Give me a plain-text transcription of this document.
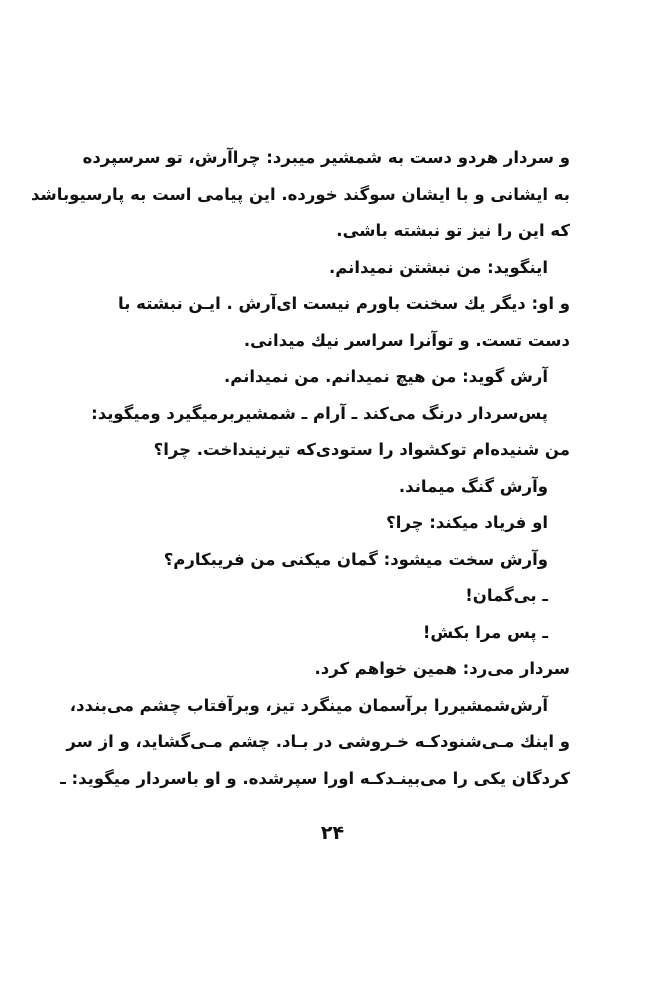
و سردار هردو دست به شمشیر میبرد: چراآرش، تو سرسپرده
به ایشانی و با ایشان سوگند خورده. این پیامی است به پارسیوباشد
که این را نیز تو نبشته باشی.
اینگوید: من نبشتن نمیدانم.
و او: دیگر یك سخنت باورم نیست ای‌آرش . ایـن نبشته با
دست تست. و توآنرا سراسر نیك میدانی.
آرش گوید: من هیچ نمیدانم. من نمیدانم.
پس‌سردار درنگ می‌کند ـ آرام ـ شمشیربرمیگیرد ومیگوید:
من شنیده‌ام توکشواد را ستودی‌که تیرنینداخت. چرا؟
وآرش گنگ میماند.
او فریاد میکند: چرا؟
وآرش سخت میشود: گمان میکنی من فریبکارم؟
ـ بی‌گمان!
ـ پس مرا بکش!
سردار می‌ر‌د: همین خواهم کرد.
آرش‌شمشیررا برآسمان مینگرد تیز، وبرآفتاب چشم می‌بندد،
و اینك مـی‌شنودکـه خـروشی در بـاد. چشم مـی‌گشاید، و از سر
کردگان یکی را می‌بینـدکـه اورا سپرشده. و او باسردار میگوید: ـ
۲۴
